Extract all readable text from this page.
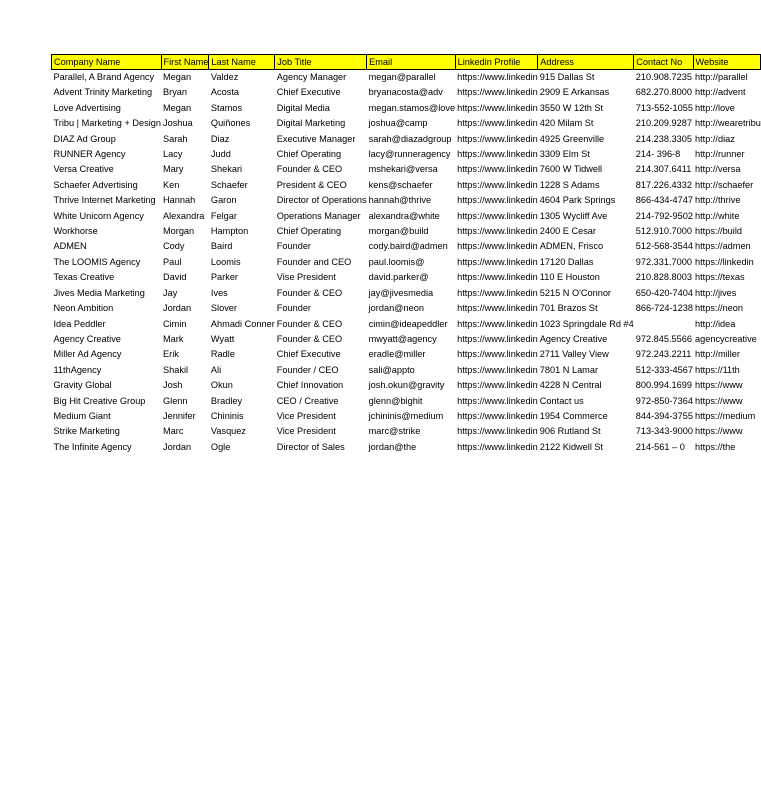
Company Name	First Name	Last Name	Job Title	Email	Linkedin Profile	Address	Contact No	Website
Parallel, A Brand Agency	Megan	Valdez	Agency Manager	megan@parallel	https://www.linkedin	915 Dallas St	210.908.7235	http://parallel
Advent Trinity Marketing	Bryan	Acosta	Chief Executive	bryanacosta@adv	https://www.linkedin	2909 E Arkansas	682.270.8000	http://advent
Love Advertising	Megan	Stamos	Digital Media	megan.stamos@love	https://www.linkedin	3550 W 12th St	713-552-1055	http://love
Tribu | Marketing + Design	Joshua	Quiñones	Digital Marketing	joshua@camp	https://www.linkedin	420 Milam St	210.209.9287	http://wearetribu
DIAZ Ad Group	Sarah	Diaz	Executive Manager	sarah@diazadgroup	https://www.linkedin	4925 Greenville	214.238.3305	http://diaz
RUNNER Agency	Lacy	Judd	Chief Operating	lacy@runneragency	https://www.linkedin	3309 Elm St	214- 396-8	http://runner
Versa Creative	Mary	Shekari	Founder & CEO	mshekari@versa	https://www.linkedin	7600 W Tidwell	214.307.6411	http://versa
Schaefer Advertising	Ken	Schaefer	President & CEO	kens@schaefer	https://www.linkedin	1228 S Adams	817.226.4332	http://schaefer
Thrive Internet Marketing	Hannah	Garon	Director of Operations	hannah@thrive	https://www.linkedin	4604 Park Springs	866-434-4747	http://thrive
White Unicorn Agency	Alexandra	Felgar	Operations Manager	alexandra@white	https://www.linkedin	1305 Wycliff Ave	214-792-9502	http://white
Workhorse	Morgan	Hampton	Chief Operating	morgan@build	https://www.linkedin	2400 E Cesar	512.910.7000	https://build
ADMEN	Cody	Baird	Founder	cody.baird@admen	https://www.linkedin	ADMEN, Frisco	512-568-3544	https://admen
The LOOMIS Agency	Paul	Loomis	Founder and CEO	paul.loomis@	https://www.linkedin	17120 Dallas	972.331.7000	https://linkedin
Texas Creative	David	Parker	Vise President	david.parker@	https://www.linkedin	110 E Houston	210.828.8003	https://texas
Jives Media Marketing	Jay	Ives	Founder & CEO	jay@jivesmedia	https://www.linkedin	5215 N O'Connor	650-420-7404	http://jives
Neon Ambition	Jordan	Slover	Founder	jordan@neon	https://www.linkedin	701 Brazos St	866-724-1238	https://neon
Idea Peddler	Cimin	Ahmadi Conner	Founder & CEO	cimin@ideapeddler	https://www.linkedin	1023 Springdale Rd #4		http://idea
Agency Creative	Mark	Wyatt	Founder & CEO	mwyatt@agency	https://www.linkedin	Agency Creative	972.845.5566	agencycreative
Miller Ad Agency	Erik	Radle	Chief Executive	eradle@miller	https://www.linkedin	2711 Valley View	972.243.2211	http://miller
11thAgency	Shakil	Ali	Founder / CEO	sali@appto	https://www.linkedin	7801 N Lamar	512-333-4567	https://11th
Gravity Global	Josh	Okun	Chief Innovation	josh.okun@gravity	https://www.linkedin	4228 N Central	800.994.1699	https://www
Big Hit Creative Group	Glenn	Bradley	CEO / Creative	glenn@bighit	https://www.linkedin	Contact us	972-850-7364	https://www
Medium Giant	Jennifer	Chininis	Vice President	jchininis@medium	https://www.linkedin	1954 Commerce	844-394-3755	https://medium
Strike Marketing	Marc	Vasquez	Vice President	marc@strike	https://www.linkedin	906 Rutland St	713-343-9000	https://www
The Infinite Agency	Jordan	Ogle	Director of Sales	jordan@the	https://www.linkedin	2122 Kidwell St	214-561 – 0	https://the
